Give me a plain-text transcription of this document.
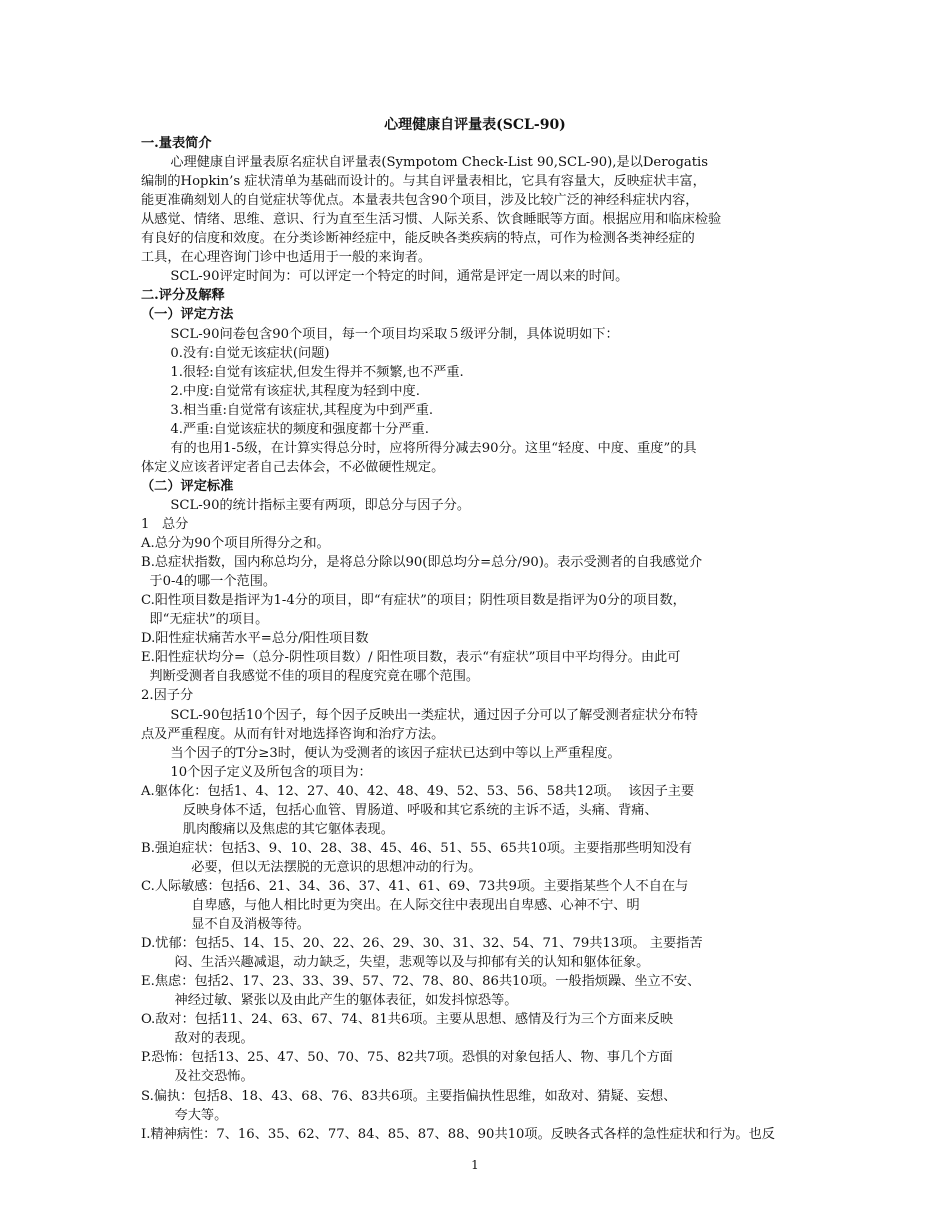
心理健康自评量表(SCL-90)
一.量表简介
心理健康自评量表原名症状自评量表(Sympotom Check-List 90,SCL-90),是以Derogatis
编制的Hopkin’s 症状清单为基础而设计的。与其自评量表相比，它具有容量大，反映症状丰富，
能更准确刻划人的自觉症状等优点。本量表共包含90个项目，涉及比较广泛的神经科症状内容，
从感觉、情绪、思维、意识、行为直至生活习惯、人际关系、饮食睡眠等方面。根据应用和临床检验
有良好的信度和效度。在分类诊断神经症中，能反映各类疾病的特点，可作为检测各类神经症的
工具，在心理咨询门诊中也适用于一般的来询者。
SCL-90评定时间为：可以评定一个特定的时间，通常是评定一周以来的时间。
二.评分及解释
（一）评定方法
SCL-90问卷包含90个项目，每一个项目均采取５级评分制，具体说明如下：
0.没有:自觉无该症状(问题)
1.很轻:自觉有该症状,但发生得并不频繁,也不严重.
2.中度:自觉常有该症状,其程度为轻到中度.
3.相当重:自觉常有该症状,其程度为中到严重.
4.严重:自觉该症状的频度和强度都十分严重.
有的也用1-5级，在计算实得总分时，应将所得分减去90分。这里“轻度、中度、重度”的具
体定义应该者评定者自己去体会，不必做硬性规定。
（二）评定标准
SCL-90的统计指标主要有两项，即总分与因子分。
1   总分
A.总分为90个项目所得分之和。
B.总症状指数，国内称总均分，是将总分除以90(即总均分=总分/90)。表示受测者的自我感觉介
于0-4的哪一个范围。
C.阳性项目数是指评为1-4分的项目，即“有症状”的项目；阴性项目数是指评为0分的项目数，
即“无症状”的项目。
D.阳性症状痛苦水平=总分/阳性项目数
E.阳性症状均分=（总分-阴性项目数）/ 阳性项目数，表示“有症状”项目中平均得分。由此可
判断受测者自我感觉不佳的项目的程度究竟在哪个范围。
2.因子分
SCL-90包括10个因子，每个因子反映出一类症状，通过因子分可以了解受测者症状分布特
点及严重程度。从而有针对地选择咨询和治疗方法。
当个因子的T分≥3时，便认为受测者的该因子症状已达到中等以上严重程度。
10个因子定义及所包含的项目为：
A.躯体化：包括1、4、12、27、40、42、48、49、52、53、56、58共12项。  该因子主要
反映身体不适，包括心血管、胃肠道、呼吸和其它系统的主诉不适，头痛、背痛、
肌肉酸痛以及焦虑的其它躯体表现。
B.强迫症状：包括3、9、10、28、38、45、46、51、55、65共10项。主要指那些明知没有
必要，但以无法摆脱的无意识的思想冲动的行为。
C.人际敏感：包括6、21、34、36、37、41、61、69、73共9项。主要指某些个人不自在与
自卑感，与他人相比时更为突出。在人际交往中表现出自卑感、心神不宁、明
显不自及消极等待。
D.忧郁：包括5、14、15、20、22、26、29、30、31、32、54、71、79共13项。 主要指苦
闷、生活兴趣减退，动力缺乏，失望，悲观等以及与抑郁有关的认知和躯体征象。
E.焦虑：包括2、17、23、33、39、57、72、78、80、86共10项。一般指烦躁、坐立不安、
神经过敏、紧张以及由此产生的躯体表征，如发抖惊恐等。
O.敌对：包括11、24、63、67、74、81共6项。主要从思想、感情及行为三个方面来反映
敌对的表现。
P.恐怖：包括13、25、47、50、70、75、82共7项。恐惧的对象包括人、物、事几个方面
及社交恐怖。
S.偏执：包括8、18、43、68、76、83共6项。主要指偏执性思维，如敌对、猜疑、妄想、
夸大等。
I.精神病性：7、16、35、62、77、84、85、87、88、90共10项。反映各式各样的急性症状和行为。也反
1
